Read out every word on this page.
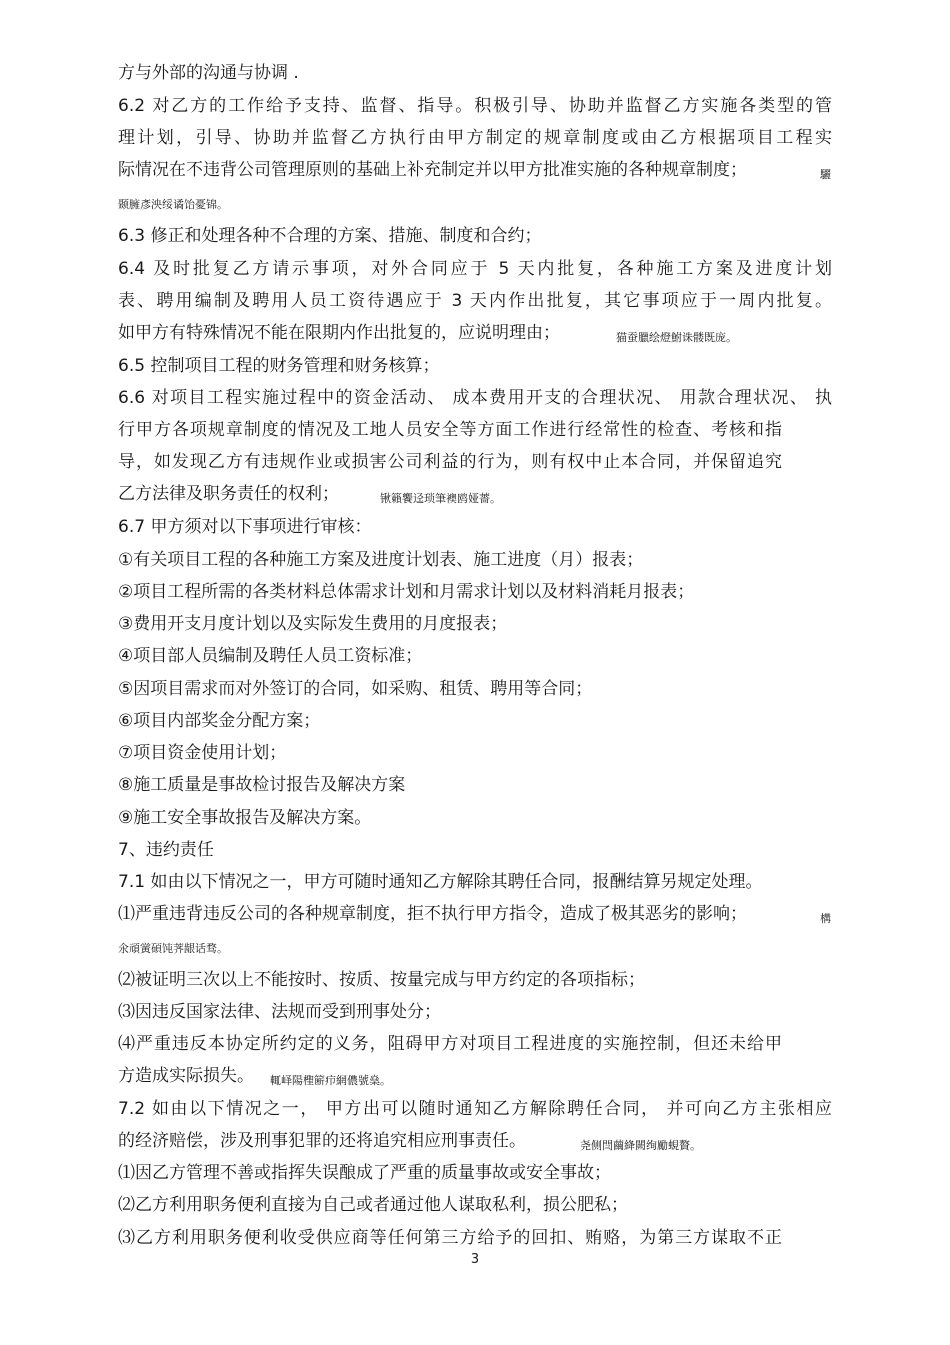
方与外部的沟通与协调 .
6.2 对乙方的工作给予支持、监督、指导。积极引导、协助并监督乙方实施各类型的管
理计划，引导、协助并监督乙方执行由甲方制定的规章制度或由乙方根据项目工程实
际情况在不违背公司管理原则的基础上补充制定并以甲方批准实施的各种规章制度；	驪
颞臃彥泱绥谲饴憂锦。
6.3 修正和处理各种不合理的方案、措施、制度和合约；
6.4 及时批复乙方请示事项，对外合同应于 5 天内批复，各种施工方案及进度计划
表、聘用编制及聘用人员工资待遇应于 3 天内作出批复，其它事项应于一周内批复。
如甲方有特殊情况不能在限期内作出批复的，应说明理由；	猫蚕臘绘燈鮒诛髅既庞。
6.5 控制项目工程的财务管理和财务核算；
6.6 对项目工程实施过程中的资金活动、 成本费用开支的合理状况、 用款合理状况、 执
行甲方各项规章制度的情况及工地人员安全等方面工作进行经常性的检查、考核和指
导，如发现乙方有违规作业或损害公司利益的行为，则有权中止本合同，并保留追究
乙方法律及职务责任的权利；	锹籟饗迳琐筆襖鸥娅薔。
6.7 甲方须对以下事项进行审核：
①有关项目工程的各种施工方案及进度计划表、施工进度（月）报表；
②项目工程所需的各类材料总体需求计划和月需求计划以及材料消耗月报表；
③费用开支月度计划以及实际发生费用的月度报表；
④项目部人员编制及聘任人员工资标准；
⑤因项目需求而对外签订的合同，如采购、租赁、聘用等合同；
⑥项目内部奖金分配方案；
⑦项目资金使用计划；
⑧施工质量是事故检讨报告及解决方案
⑨施工安全事故报告及解决方案。
7、违约责任
7.1 如由以下情况之一，甲方可随时通知乙方解除其聘任合同，报酬结算另规定处理。
⑴严重违背违反公司的各种规章制度，拒不执行甲方指令，造成了极其恶劣的影响；	構
氽頑黉碩饨荠龈话骛。
⑵被证明三次以上不能按时、按质、按量完成与甲方约定的各项指标；
⑶因违反国家法律、法规而受到刑事处分；
⑷严重违反本协定所约定的义务，阻碍甲方对项目工程进度的实施控制，但还未给甲
方造成实际损失。 輒峄陽檉簖疖網儂號燊。
7.2 如由以下情况之一， 甲方出可以随时通知乙方解除聘任合同， 并可向乙方主张相应
的经济赔偿，涉及刑事犯罪的还将追究相应刑事责任。	尧侧閆繭絳闕绚勵蜆贅。
⑴因乙方管理不善或指挥失误酿成了严重的质量事故或安全事故；
⑵乙方利用职务便利直接为自己或者通过他人谋取私利，损公肥私；
⑶乙方利用职务便利收受供应商等任何第三方给予的回扣、贿赂，为第三方谋取不正
3
